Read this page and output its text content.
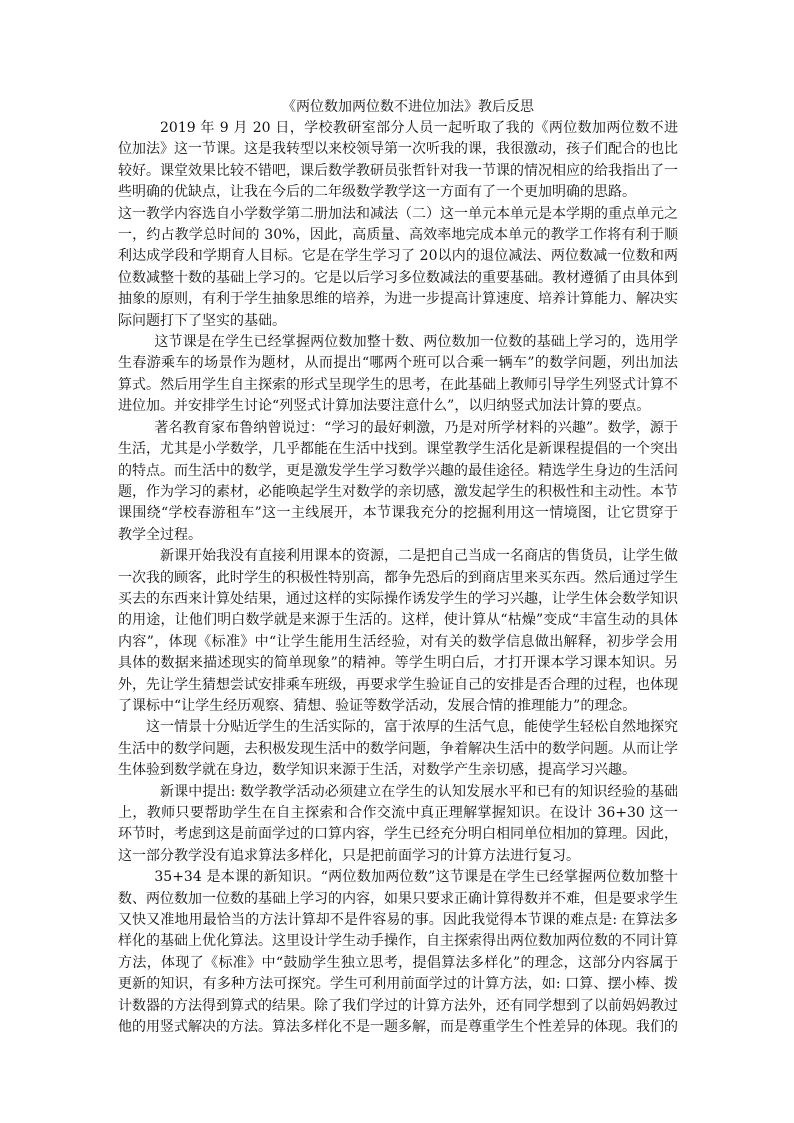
《两位数加两位数不进位加法》教后反思

2019 年 9 月 20 日，学校教研室部分人员一起听取了我的《两位数加两位数不进位加法》这一节课。这是我转型以来校领导第一次听我的课，我很激动，孩子们配合的也比较好。课堂效果比较不错吧，课后数学教研员张哲针对我一节课的情况相应的给我指出了一些明确的优缺点，让我在今后的二年级数学教学这一方面有了一个更加明确的思路。

这一教学内容选自小学数学第二册加法和减法（二）这一单元本单元是本学期的重点单元之一，约占教学总时间的 30%，因此，高质量、高效率地完成本单元的教学工作将有利于顺利达成学段和学期育人目标。它是在学生学习了 20以内的退位减法、两位数减一位数和两位数减整十数的基础上学习的。它是以后学习多位数减法的重要基础。教材遵循了由具体到抽象的原则，有利于学生抽象思维的培养，为进一步提高计算速度、培养计算能力、解决实际问题打下了坚实的基础。

这节课是在学生已经掌握两位数加整十数、两位数加一位数的基础上学习的，选用学生春游乘车的场景作为题材，从而提出“哪两个班可以合乘一辆车”的数学问题，列出加法算式。然后用学生自主探索的形式呈现学生的思考，在此基础上教师引导学生列竖式计算不进位加。并安排学生讨论“列竖式计算加法要注意什么”，以归纳竖式加法计算的要点。

著名教育家布鲁纳曾说过：“学习的最好刺激，乃是对所学材料的兴趣”。数学，源于生活，尤其是小学数学，几乎都能在生活中找到。课堂教学生活化是新课程提倡的一个突出的特点。而生活中的数学，更是激发学生学习数学兴趣的最佳途径。精选学生身边的生活问题，作为学习的素材，必能唤起学生对数学的亲切感，激发起学生的积极性和主动性。本节课围绕“学校春游租车”这一主线展开，本节课我充分的挖掘利用这一情境图，让它贯穿于教学全过程。

新课开始我没有直接利用课本的资源，二是把自己当成一名商店的售货员，让学生做一次我的顾客，此时学生的积极性特别高，都争先恐后的到商店里来买东西。然后通过学生买去的东西来计算处结果，通过这样的实际操作诱发学生的学习兴趣，让学生体会数学知识的用途，让他们明白数学就是来源于生活的。这样，使计算从“枯燥”变成“丰富生动的具体内容”，体现《标准》中“让学生能用生活经验，对有关的数学信息做出解释，初步学会用具体的数据来描述现实的简单现象”的精神。等学生明白后，才打开课本学习课本知识。另外，先让学生猜想尝试安排乘车班级，再要求学生验证自己的安排是否合理的过程，也体现了课标中“让学生经历观察、猜想、验证等数学活动，发展合情的推理能力”的理念。

这一情景十分贴近学生的生活实际的，富于浓厚的生活气息，能使学生轻松自然地探究生活中的数学问题，去积极发现生活中的数学问题，争着解决生活中的数学问题。从而让学生体验到数学就在身边，数学知识来源于生活，对数学产生亲切感，提高学习兴趣。

新课中提出: 数学教学活动必须建立在学生的认知发展水平和已有的知识经验的基础上，教师只要帮助学生在自主探索和合作交流中真正理解掌握知识。在设计 36+30 这一环节时，考虑到这是前面学过的口算内容，学生已经充分明白相同单位相加的算理。因此，这一部分教学没有追求算法多样化，只是把前面学习的计算方法进行复习。

35+34 是本课的新知识。“两位数加两位数”这节课是在学生已经掌握两位数加整十数、两位数加一位数的基础上学习的内容，如果只要求正确计算得数并不难，但是要求学生又快又准地用最恰当的方法计算却不是件容易的事。因此我觉得本节课的难点是: 在算法多样化的基础上优化算法。这里设计学生动手操作，自主探索得出两位数加两位数的不同计算方法，体现了《标准》中“鼓励学生独立思考，提倡算法多样化”的理念，这部分内容属于更新的知识，有多种方法可探究。学生可利用前面学过的计算方法，如: 口算、摆小棒、拨计数器的方法得到算式的结果。除了我们学过的计算方法外，还有同学想到了以前妈妈教过他的用竖式解决的方法。算法多样化不是一题多解，而是尊重学生个性差异的体现。我们的
